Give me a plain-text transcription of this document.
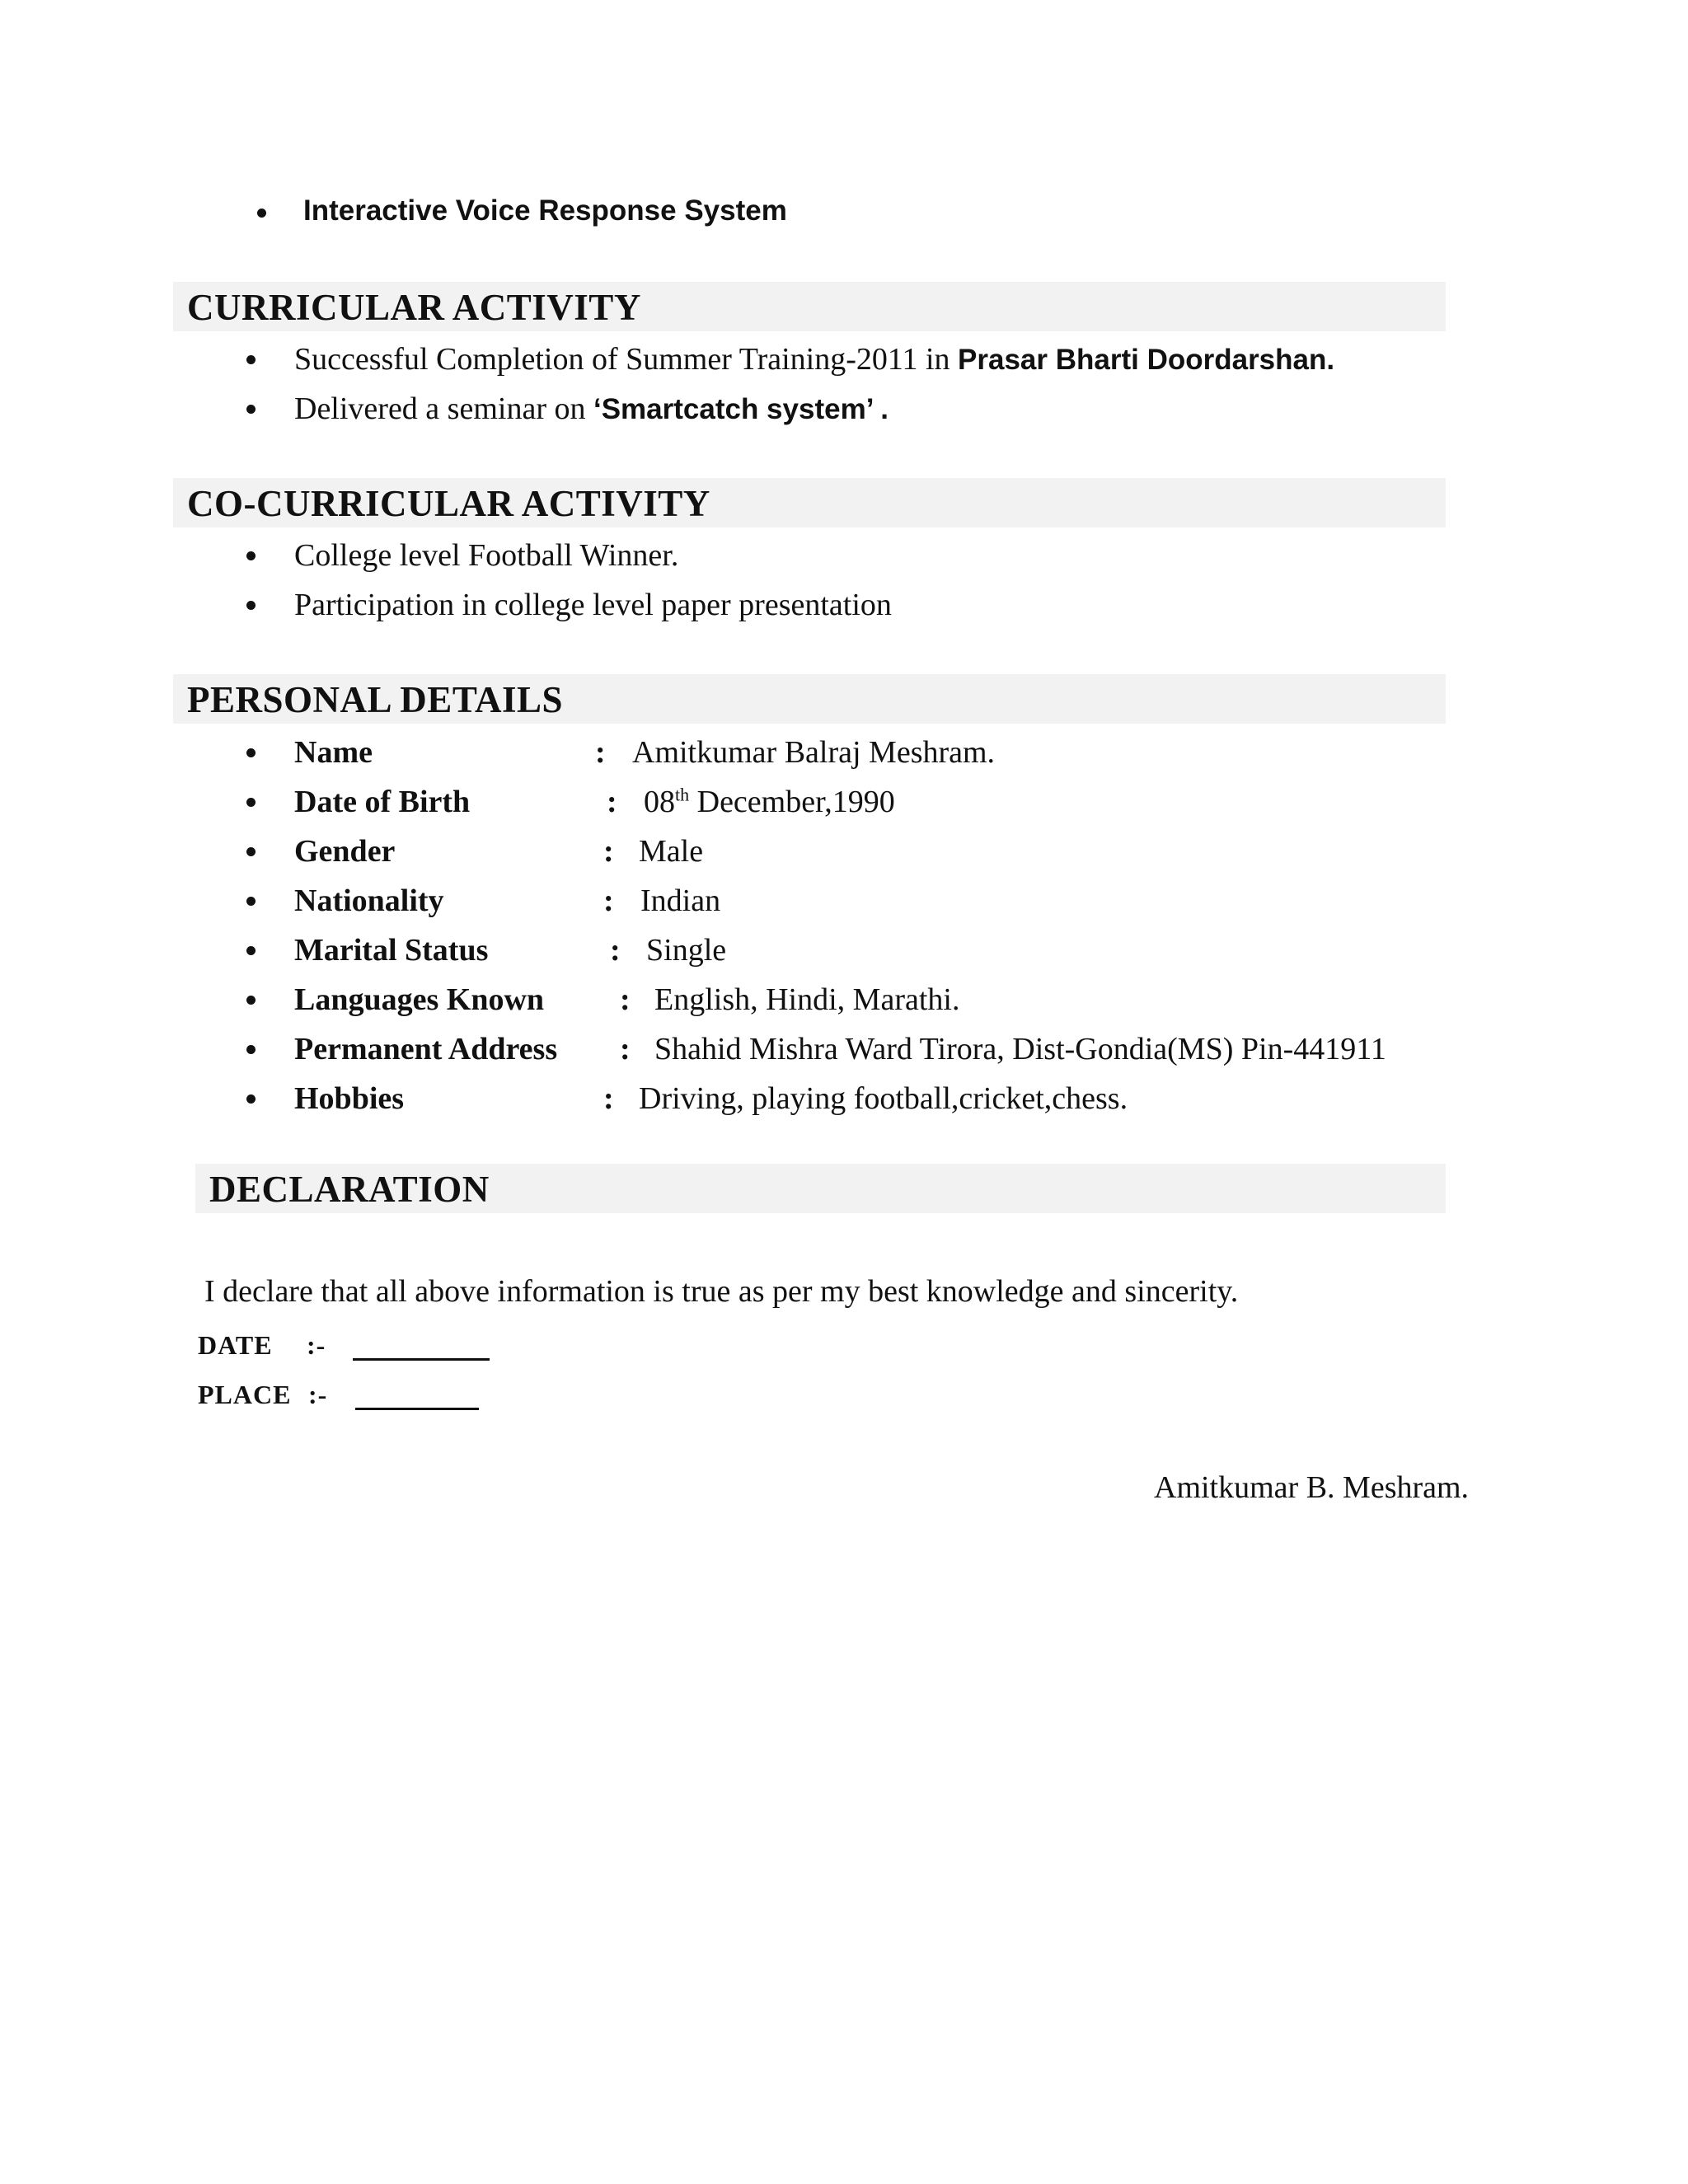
Interactive Voice Response System
CURRICULAR ACTIVITY
Successful Completion of Summer Training-2011 in Prasar Bharti Doordarshan.
Delivered a seminar on ‘Smartcatch system’ .
CO-CURRICULAR ACTIVITY
College level Football Winner.
Participation in college level paper presentation
PERSONAL DETAILS
Name	: Amitkumar Balraj Meshram.
Date of Birth	: 08th December,1990
Gender	: Male
Nationality	: Indian
Marital Status	: Single
Languages Known : English, Hindi, Marathi.
Permanent Address : Shahid Mishra Ward Tirora, Dist-Gondia(MS) Pin-441911
Hobbies	: Driving, playing football,cricket,chess.
DECLARATION
I declare that all above information is true as per my best knowledge and sincerity.
DATE :-
PLACE :-
Amitkumar B. Meshram.
